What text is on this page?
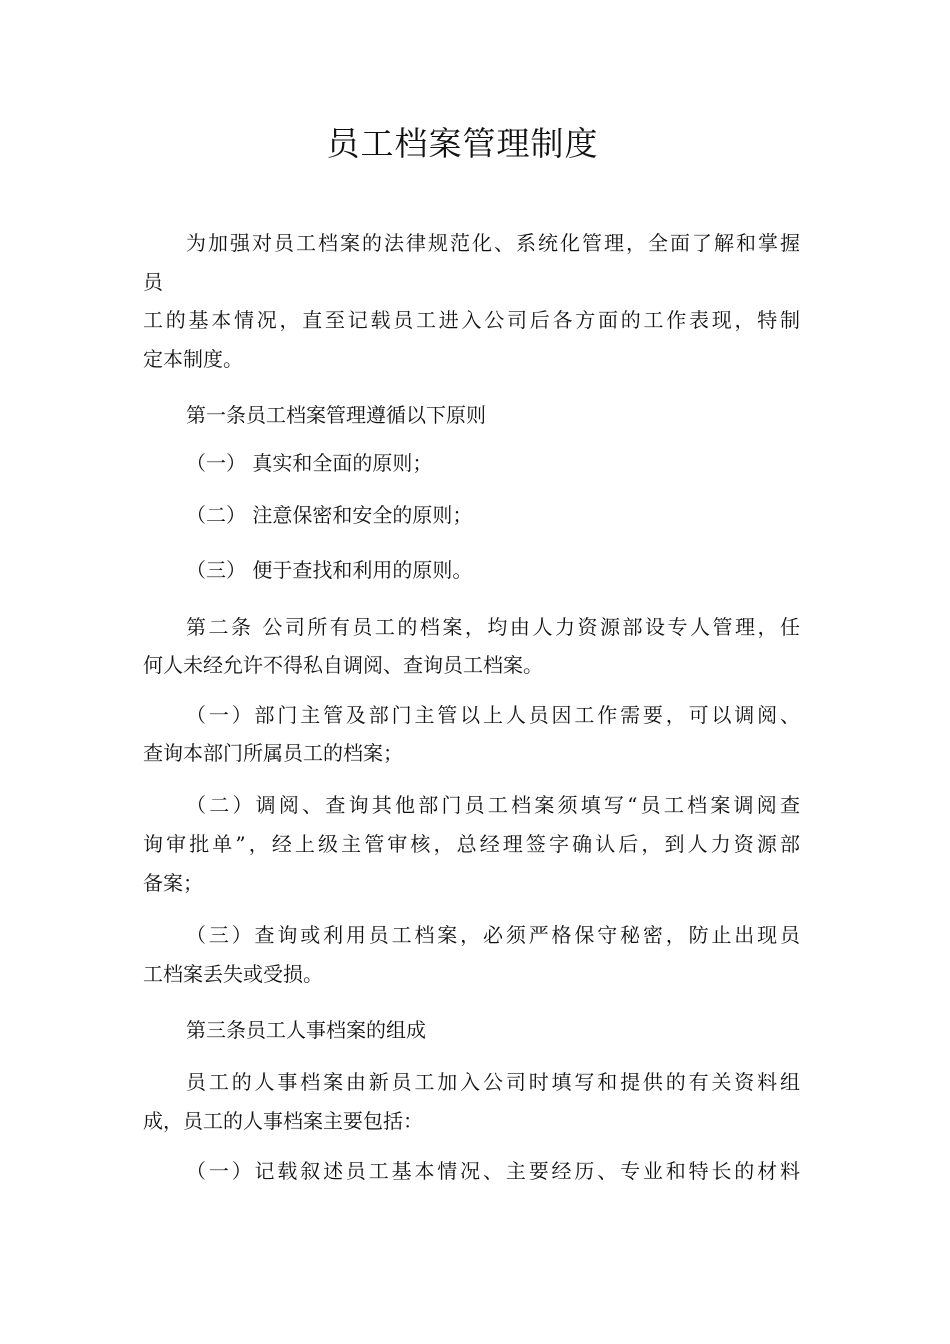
员工档案管理制度
为加强对员工档案的法律规范化、系统化管理，全面了解和掌握
员
工的基本情况，直至记载员工进入公司后各方面的工作表现，特制
定本制度。
第一条员工档案管理遵循以下原则
（一） 真实和全面的原则；
（二） 注意保密和安全的原则；
（三） 便于查找和利用的原则。
第二条 公司所有员工的档案，均由人力资源部设专人管理，任
何人未经允许不得私自调阅、查询员工档案。
（一）部门主管及部门主管以上人员因工作需要，可以调阅、
查询本部门所属员工的档案；
（二）调阅、查询其他部门员工档案须填写“员工档案调阅查
询审批单”，经上级主管审核，总经理签字确认后，到人力资源部
备案；
（三）查询或利用员工档案，必须严格保守秘密，防止出现员
工档案丢失或受损。
第三条员工人事档案的组成
员工的人事档案由新员工加入公司时填写和提供的有关资料组
成，员工的人事档案主要包括：
（一）记载叙述员工基本情况、主要经历、专业和特长的材料
